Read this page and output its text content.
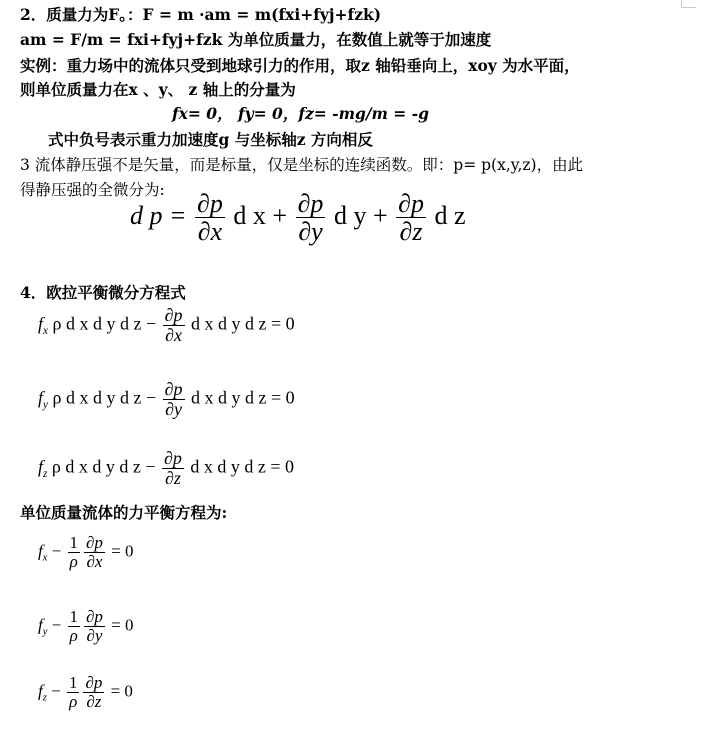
2．质量力为F。：F = m ·am = m(fxi+fyj+fzk)
am = F/m = fxi+fyj+fzk 为单位质量力，在数值上就等于加速度
实例：重力场中的流体只受到地球引力的作用，取z 轴铅垂向上，xoy 为水平面，
则单位质量力在x 、y、 z 轴上的分量为
fx= 0， fy= 0，fz= -mg/m = -g
式中负号表示重力加速度g 与坐标轴z 方向相反
3 流体静压强不是矢量，而是标量，仅是坐标的连续函数。即：p= p(x,y,z)，由此
得静压强的全微分为:
d $p = \frac{\partial p}{\partial x}$ d $x + \frac{\partial p}{\partial y}$ d $y + \frac{\partial p}{\partial z}$ d z
4．欧拉平衡微分方程式
$f_x$ ρ d x d y d $z - \frac{\partial p}{\partial x}$ d x d y d z = 0
$f_y$ ρ d x d y d $z - \frac{\partial p}{\partial y}$ d x d y d z = 0
$f_z$ ρ d x d y d $z - \frac{\partial p}{\partial z}$ d x d y d z = 0
单位质量流体的力平衡方程为:
$f_x - \frac{1}{\rho} \frac{\partial p}{\partial x} = 0$
$f_y - \frac{1}{\rho} \frac{\partial p}{\partial y} = 0$
$f_z - \frac{1}{\rho} \frac{\partial p}{\partial z} = 0$
